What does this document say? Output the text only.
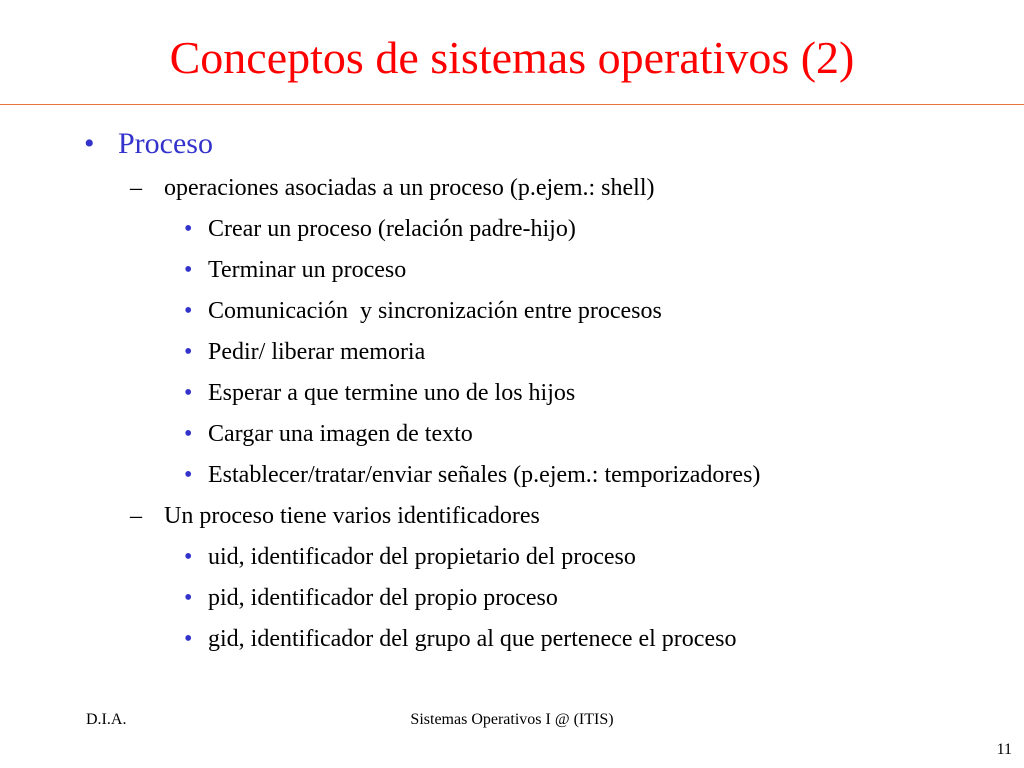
Conceptos de sistemas operativos (2)
• Proceso
– operaciones asociadas a un proceso (p.ejem.: shell)
• Crear un proceso (relación padre-hijo)
• Terminar un proceso
• Comunicación  y sincronización entre procesos
• Pedir/ liberar memoria
• Esperar a que termine uno de los hijos
• Cargar una imagen de texto
• Establecer/tratar/enviar señales (p.ejem.: temporizadores)
– Un proceso tiene varios identificadores
• uid, identificador del propietario del proceso
• pid, identificador del propio proceso
• gid, identificador del grupo al que pertenece el proceso
D.I.A.	Sistemas Operativos I @ (ITIS)
11
